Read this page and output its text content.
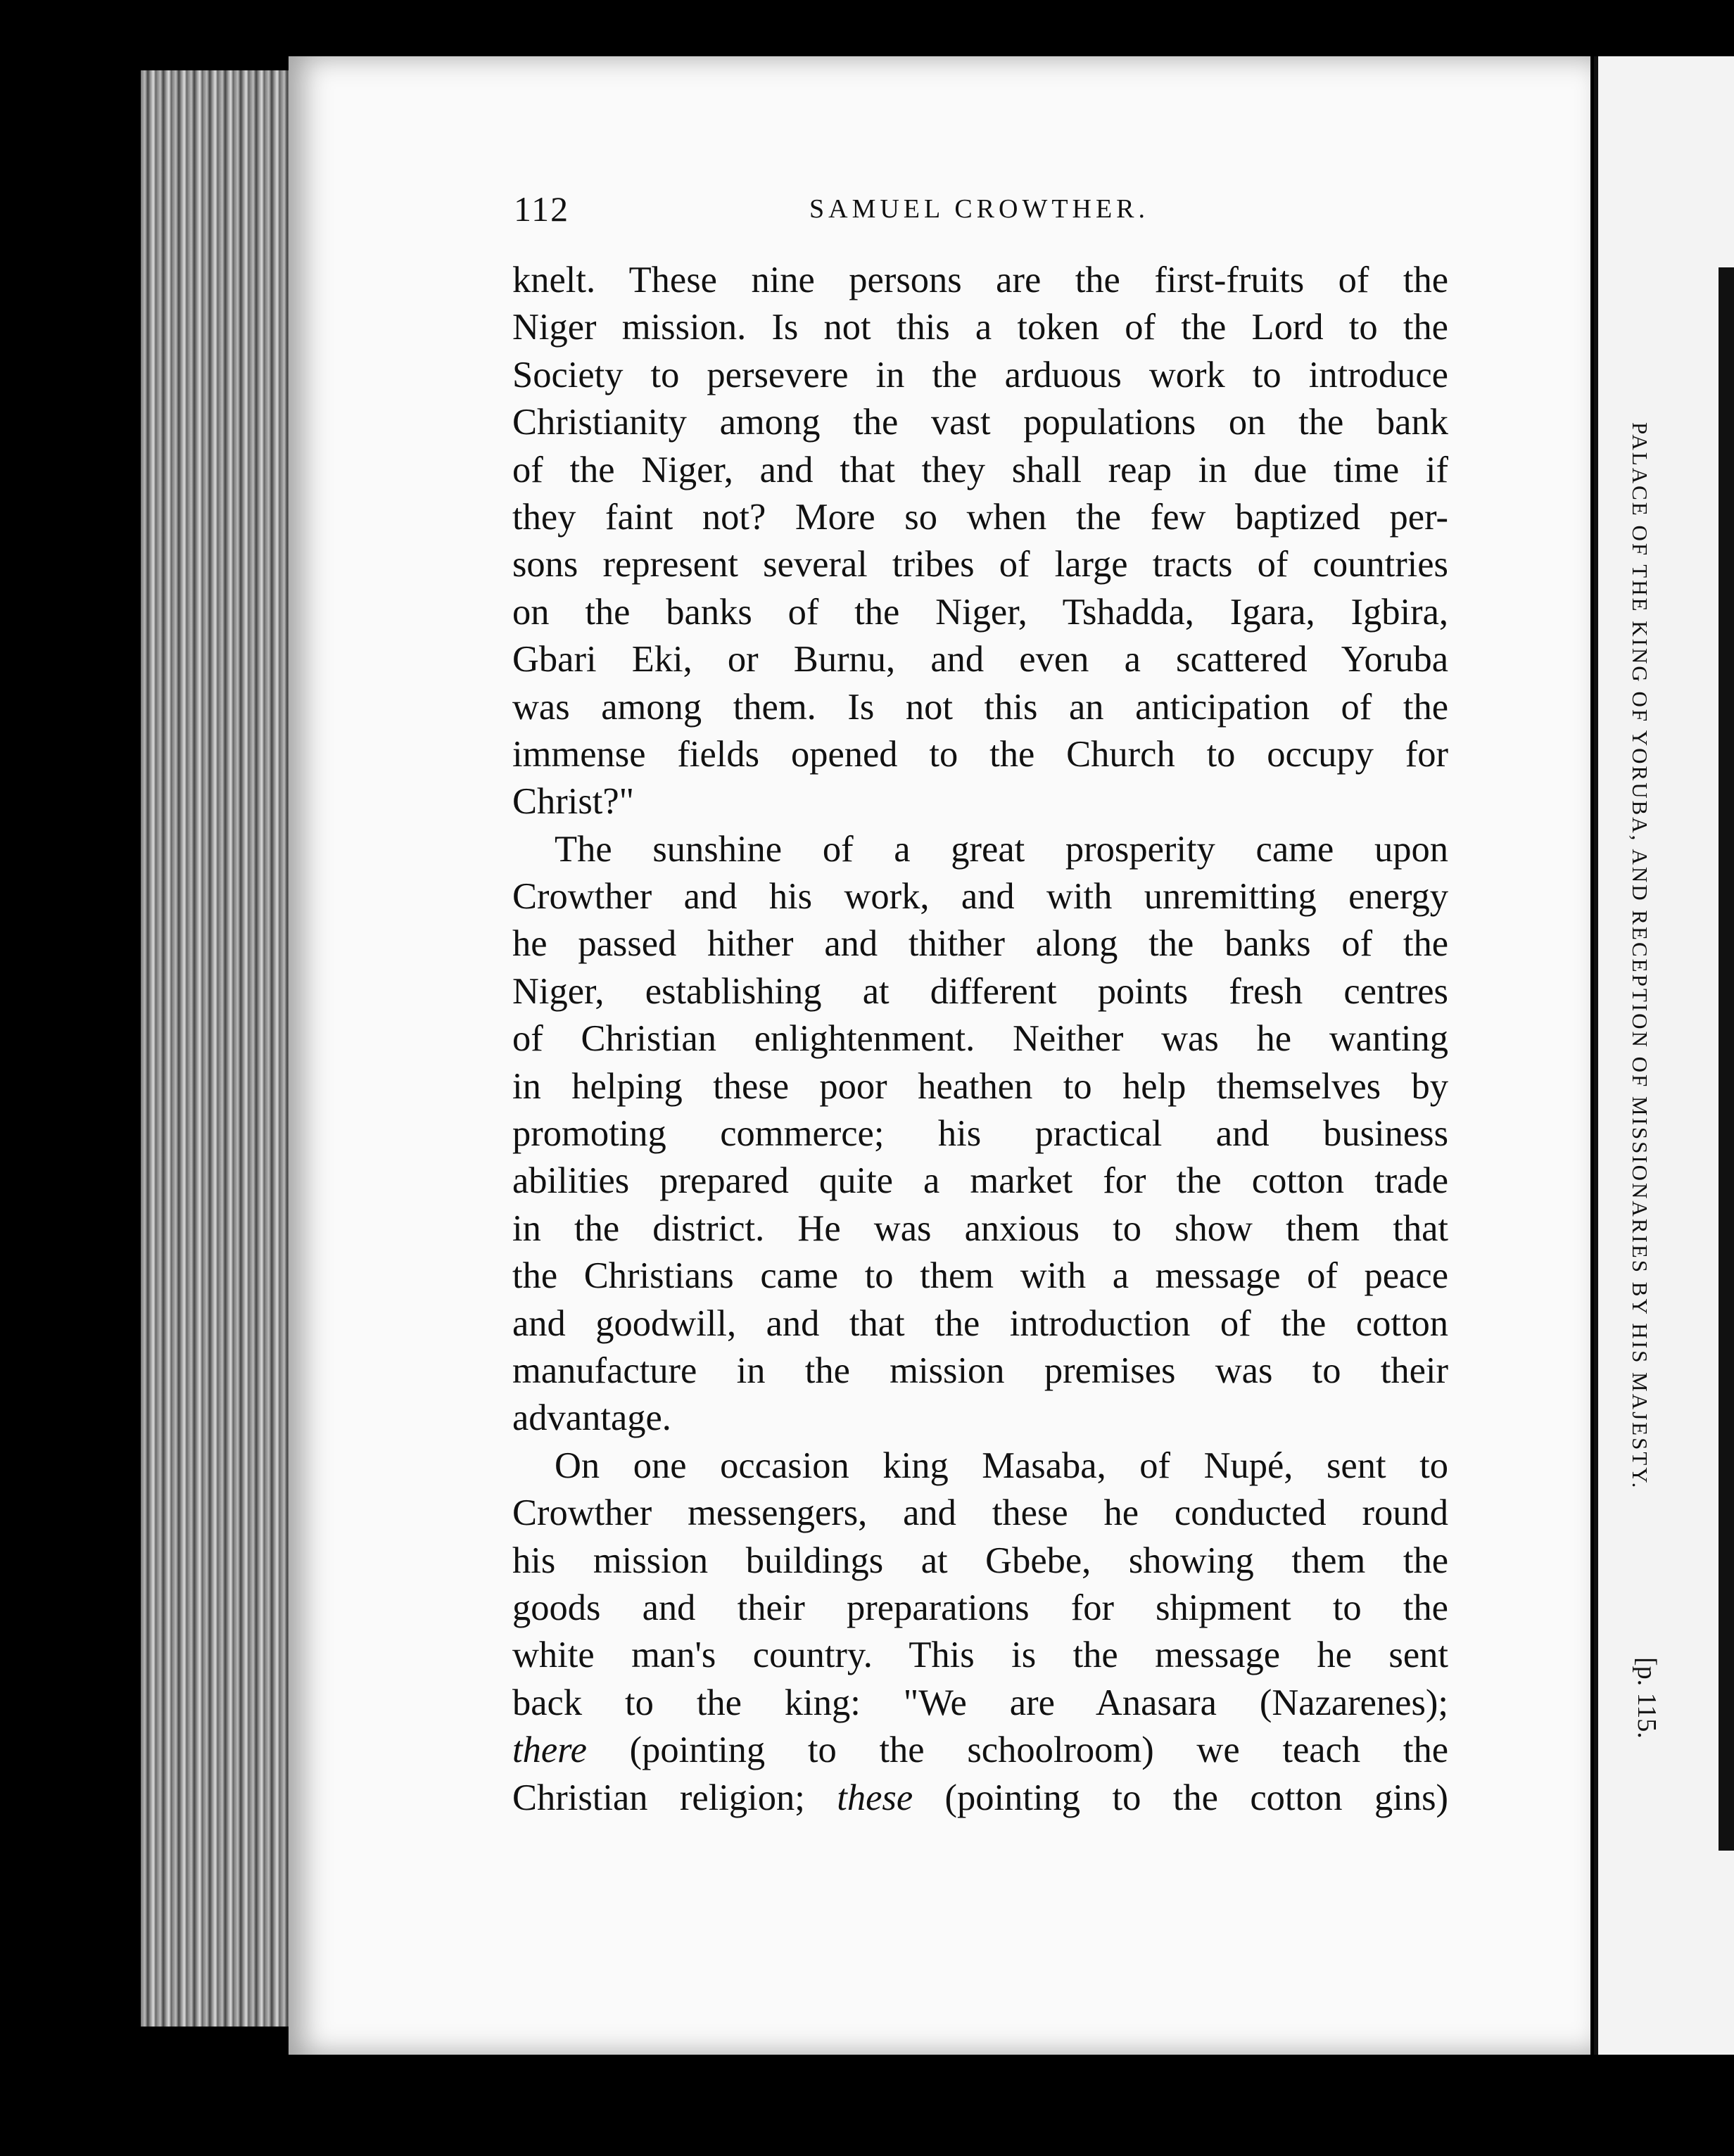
112	SAMUEL CROWTHER.
knelt. These nine persons are the first-fruits of the
Niger mission. Is not this a token of the Lord to the
Society to persevere in the arduous work to introduce
Christianity among the vast populations on the bank
of the Niger, and that they shall reap in due time if
they faint not? More so when the few baptized per-
sons represent several tribes of large tracts of countries
on the banks of the Niger, Tshadda, Igara, Igbira,
Gbari Eki, or Burnu, and even a scattered Yoruba
was among them. Is not this an anticipation of the
immense fields opened to the Church to occupy for
Christ?"
The sunshine of a great prosperity came upon
Crowther and his work, and with unremitting energy
he passed hither and thither along the banks of the
Niger, establishing at different points fresh centres
of Christian enlightenment. Neither was he wanting
in helping these poor heathen to help themselves by
promoting commerce; his practical and business
abilities prepared quite a market for the cotton trade
in the district. He was anxious to show them that
the Christians came to them with a message of peace
and goodwill, and that the introduction of the cotton
manufacture in the mission premises was to their
advantage.
On one occasion king Masaba, of Nupé, sent to
Crowther messengers, and these he conducted round
his mission buildings at Gbebe, showing them the
goods and their preparations for shipment to the
white man's country. This is the message he sent
back to the king: "We are Anasara (Nazarenes);
there (pointing to the schoolroom) we teach the
Christian religion; these (pointing to the cotton gins)
PALACE OF THE KING OF YORUBA, AND RECEPTION OF MISSIONARIES BY HIS MAJESTY.
[p. 115.
